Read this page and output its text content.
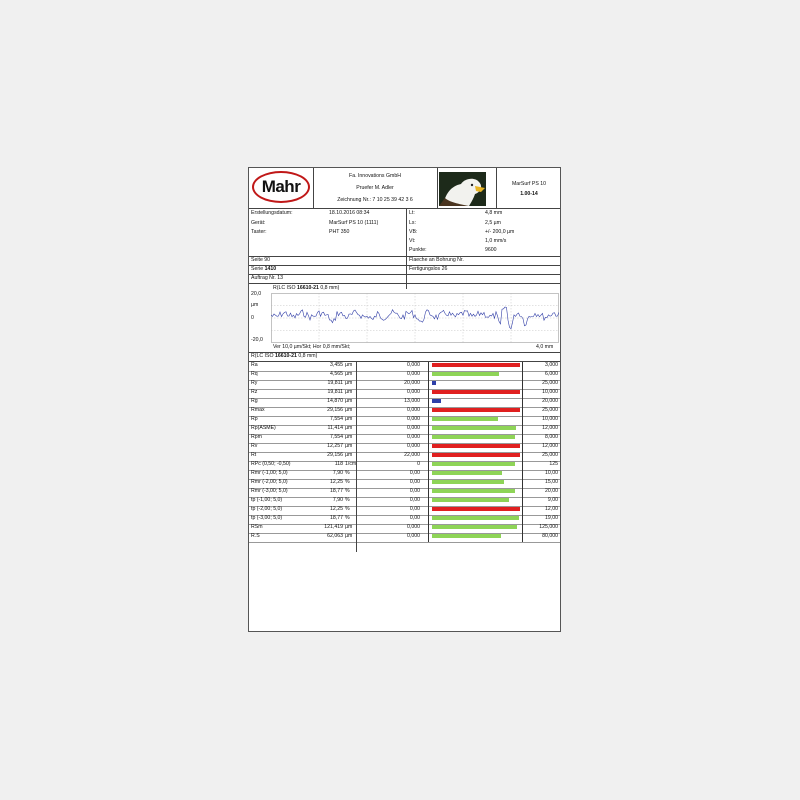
Mahr
Fa. Innovations GmbH
Pruefer M. Adler
Zeichnung Nr.: 7 10 25 39 42 3 6
MarSurf PS 10
1.00-14
Erstellungsdatum:	18.10.2016 08:34
Gerät:	MarSurf PS 10 (1111)
Taster:	PHT 350
Lt:	4,8 mm
Ls:	2,5 µm
VB:	+/- 200,0 µm
Vt:	1,0 mm/s
Punkte:	9600
Seite 90	Flaeche an Bohrung Nr.
Serie 1410	Fertigungslos 26
Auftrag Nr. 13
R(LC ISO 16610-21 0,8 mm)
20,0
µm
0
-20,0
Ver 10,0 µm/Skt; Hor 0,8 mm/Skt;	4,0 mm
R(LC ISO 16610-21 0,8 mm)
Ra	3,455 µm	0,000	3,000
Rq	4,565 µm	0,000	6,000
Ry	19,811 µm	20,000	25,000
Rz	19,811 µm	0,000	10,000
Rg	14,870 µm	13,000	20,000
Rmax	29,156 µm	0,000	25,000
Rp	7,554 µm	0,000	10,000
Rp(ASME)	11,414 µm	0,000	12,000
Rpm	7,554 µm	0,000	8,000
Rv	12,257 µm	0,000	12,000
Rt	29,156 µm	22,000	25,000
RPc (0,50; -0,50)	118 1/cm	0	125
Rmr (-1,00; 5,0)	7,90 %	0,00	10,00
Rmr (-2,00; 5,0)	12,25 %	0,00	15,00
Rmr (-3,00; 5,0)	18,77 %	0,00	20,00
tp (-1,00; 5,0)	7,90 %	0,00	9,00
tp (-2,00; 5,0)	12,25 %	0,00	12,00
tp (-3,00; 5,0)	18,77 %	0,00	19,00
RSm	121,419 µm	0,000	125,000
R.S	62,063 µm	0,000	80,000
